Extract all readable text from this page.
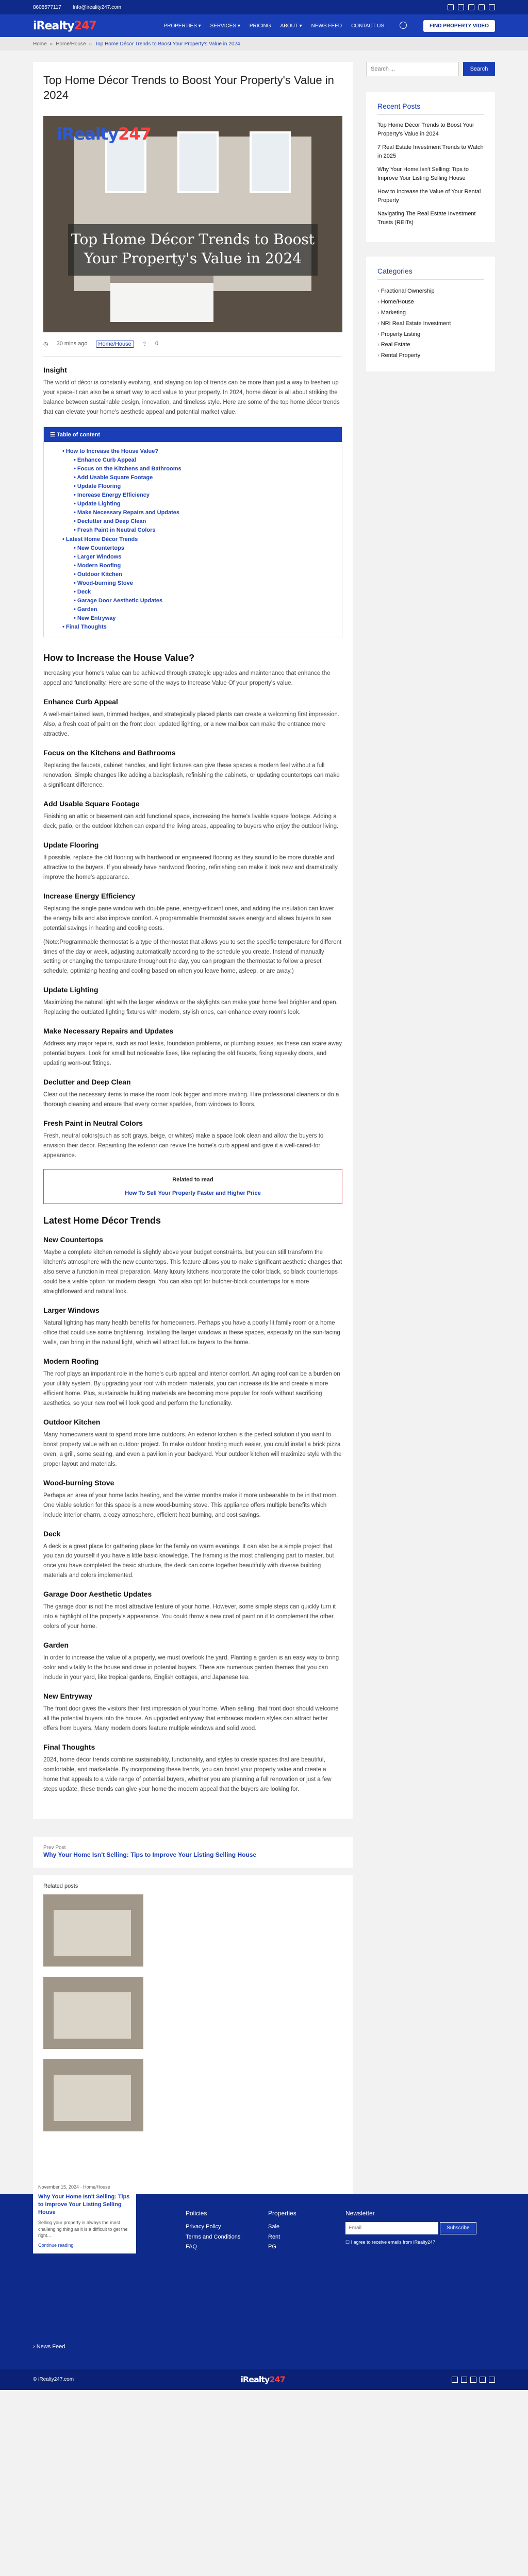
8608577117 Info@ireality247.com
iRealty247	PROPERTIES ▾ SERVICES ▾ PRICING ABOUT ▾ NEWS FEED CONTACT US	FIND PROPERTY VIDEO
Home » Home/House » Top Home Décor Trends to Boost Your Property's Value in 2024
Top Home Décor Trends to Boost Your Property's Value in 2024
iRealty247
Top Home Décor Trends to Boost Your Property's Value in 2024
◷ 30 mins ago	Home/House	⇪ 0
Insight

The world of décor is constantly evolving, and staying on top of trends can be more than just a way to freshen up your space-it can also be a smart way to add value to your property. In 2024, home décor is all about striking the balance between sustainable design, innovation, and timeless style. Here are some of the top home décor trends that can elevate your home's aesthetic appeal and potential market value.

☰ Table of content
• How to Increase the House Value?
• Enhance Curb Appeal
• Focus on the Kitchens and Bathrooms
• Add Usable Square Footage
• Update Flooring
• Increase Energy Efficiency
• Update Lighting
• Make Necessary Repairs and Updates
• Declutter and Deep Clean
• Fresh Paint in Neutral Colors
• Latest Home Décor Trends
• New Countertops
• Larger Windows
• Modern Roofing
• Outdoor Kitchen
• Wood-burning Stove
• Deck
• Garage Door Aesthetic Updates
• Garden
• New Entryway
• Final Thoughts
How to Increase the House Value?

Increasing your home's value can be achieved through strategic upgrades and maintenance that enhance the appeal and functionality. Here are some of the ways to Increase Value Of your property's value.

Enhance Curb Appeal

A well-maintained lawn, trimmed hedges, and strategically placed plants can create a welcoming first impression. Also, a fresh coat of paint on the front door, updated lighting, or a new mailbox can make the entrance more attractive.

Focus on the Kitchens and Bathrooms

Replacing the faucets, cabinet handles, and light fixtures can give these spaces a modern feel without a full renovation. Simple changes like adding a backsplash, refinishing the cabinets, or updating countertops can make a significant difference.

Add Usable Square Footage

Finishing an attic or basement can add functional space, increasing the home's livable square footage. Adding a deck, patio, or the outdoor kitchen can expand the living areas, appealing to buyers who enjoy the outdoor living.

Update Flooring

If possible, replace the old flooring with hardwood or engineered flooring as they sound to be more durable and attractive to the buyers. If you already have hardwood flooring, refinishing can make it look new and dramatically improve the home's appearance.

Increase Energy Efficiency

Replacing the single pane window with double pane, energy-efficient ones, and adding the insulation can lower the energy bills and also improve comfort. A programmable thermostat saves energy and allows buyers to see potential savings in heating and cooling costs.

(Note:Programmable thermostat is a type of thermostat that allows you to set the specific temperature for different times of the day or week, adjusting automatically according to the schedule you create. Instead of manually setting or changing the temperature throughout the day, you can program the thermostat to follow a preset schedule, optimizing heating and cooling based on when you leave home, asleep, or are away.)

Update Lighting

Maximizing the natural light with the larger windows or the skylights can make your home feel brighter and open. Replacing the outdated lighting fixtures with modern, stylish ones, can enhance every room's look.

Make Necessary Repairs and Updates

Address any major repairs, such as roof leaks, foundation problems, or plumbing issues, as these can scare away potential buyers. Look for small but noticeable fixes, like replacing the old faucets, fixing squeaky doors, and updating worn-out fittings.

Declutter and Deep Clean

Clear out the necessary items to make the room look bigger and more inviting. Hire professional cleaners or do a thorough cleaning and ensure that every corner sparkles, from windows to floors.

Fresh Paint in Neutral Colors

Fresh, neutral colors(such as soft grays, beige, or whites) make a space look clean and allow the buyers to envision their decor. Repainting the exterior can revive the home's curb appeal and give it a well-cared-for appearance.

Related to read
How To Sell Your Property Faster and Higher Price
Latest Home Décor Trends
New Countertops

Maybe a complete kitchen remodel is slightly above your budget constraints, but you can still transform the kitchen's atmosphere with the new countertops. This feature allows you to make significant aesthetic changes that also serve a function in meal preparation. Many luxury kitchens incorporate the color black, so black countertops could be a viable option for modern design. You can also opt for butcher-block countertops for a more straightforward and natural look.

Larger Windows

Natural lighting has many health benefits for homeowners. Perhaps you have a poorly lit family room or a home office that could use some brightening. Installing the larger windows in these spaces, especially on the sun-facing walls, can bring in the natural light, which will attract future buyers to the home.

Modern Roofing

The roof plays an important role in the home's curb appeal and interior comfort. An aging roof can be a burden on your utility system. By upgrading your roof with modern materials, you can increase its life and create a more efficient home. Plus, sustainable building materials are becoming more popular for roofs without sacrificing aesthetics, so your new roof will look good and perform the functionality.

Outdoor Kitchen

Many homeowners want to spend more time outdoors. An exterior kitchen is the perfect solution if you want to boost property value with an outdoor project. To make outdoor hosting much easier, you could install a brick pizza oven, a grill, some seating, and even a pavilion in your backyard. Your outdoor kitchen will maximize style with the proper layout and materials.

Wood-burning Stove

Perhaps an area of your home lacks heating, and the winter months make it more unbearable to be in that room. One viable solution for this space is a new wood-burning stove. This appliance offers multiple benefits which include interior charm, a cozy atmosphere, efficient heat burning, and cost savings.

Deck

A deck is a great place for gathering place for the family on warm evenings. It can also be a simple project that you can do yourself if you have a little basic knowledge. The framing is the most challenging part to master, but once you have completed the basic structure, the deck can come together beautifully with diverse building materials and colors implemented.

Garage Door Aesthetic Updates

The garage door is not the most attractive feature of your home. However, some simple steps can quickly turn it into a highlight of the property's appearance. You could throw a new coat of paint on it to complement the other colors of your home.

Garden

In order to increase the value of a property, we must overlook the yard. Planting a garden is an easy way to bring color and vitality to the house and draw in potential buyers. There are numerous garden themes that you can include in your yard, like tropical gardens, English cottages, and Japanese tea.

New Entryway

The front door gives the visitors their first impression of your home. When selling, that front door should welcome all the potential buyers into the house. An upgraded entryway that embraces modern styles can attract better offers from buyers. Many modern doors feature multiple windows and solid wood.

Final Thoughts

2024, home décor trends combine sustainability, functionality, and styles to create spaces that are beautiful, comfortable, and marketable. By incorporating these trends, you can boost your property value and create a home that appeals to a wide range of potential buyers, whether you are planning a full renovation or just a few steps update, these trends can give your home the modern appeal that the buyers are looking for.

Search ...
Search
Recent Posts
Top Home Décor Trends to Boost Your Property's Value in 2024
7 Real Estate Investment Trends to Watch in 2025
Why Your Home Isn't Selling: Tips to Improve Your Listing Selling House
How to Increase the Value of Your Rental Property
Navigating The Real Estate Investment Trusts (REITs)
Categories
› Fractional Ownership
› Home/House
› Marketing
› NRI Real Estate Investment
› Property Listing
› Real Estate
› Rental Property
Prev Post
Why Your Home Isn't Selling: Tips to Improve Your Listing Selling House
Related posts
November 15, 2024 · Home/House
Why Your Home Isn't Selling: Tips to Improve Your Listing Selling House
Selling your property is always the most challenging thing as it is a difficult to get the right...
Continue reading
Policies
Privacy Policy
Terms and Conditions
FAQ
Properties
Sale
Rent
PG
Newsletter
Email Subscribe
☐ I agree to receive emails from iRealty247
› News Feed
© iRealty247.com	iRealty247
